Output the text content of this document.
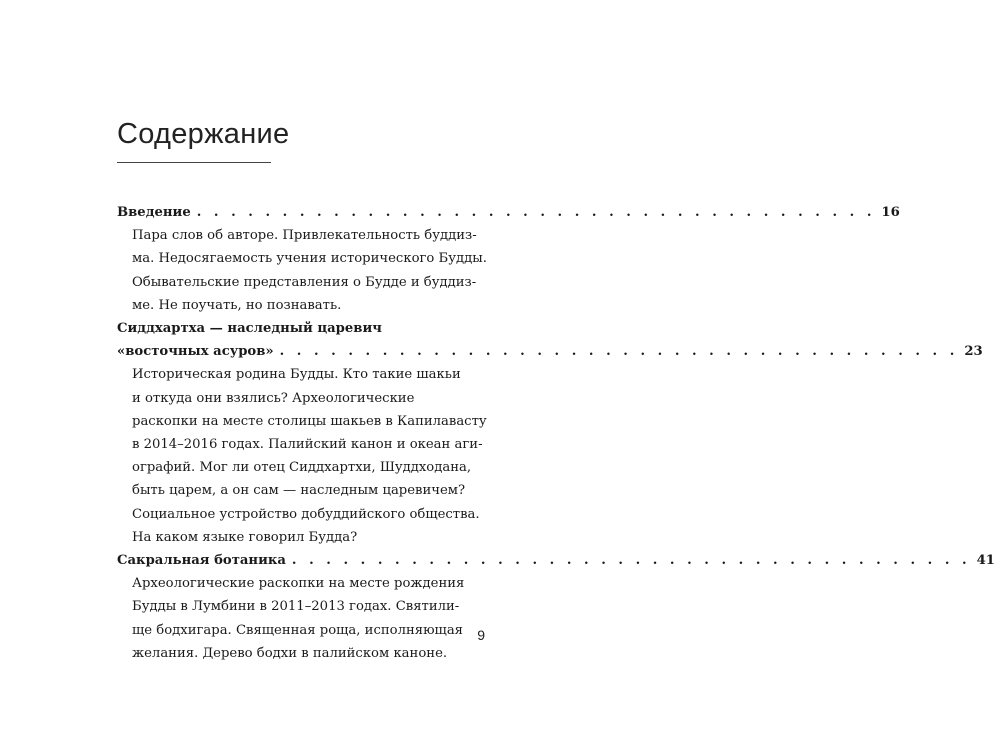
Содержание
Введение . . . . . . . . . . . . . . . . . . . . . . . . . . . . . . . . . . . . . . . . 16
Пара слов об авторе. Привлекательность буддиз-
ма. Недосягаемость учения исторического Будды.
Обывательские представления о Будде и буддиз-
ме. Не поучать, но познавать.
Сиддхартха — наследный царевич
«восточных асуров» . . . . . . . . . . . . . . . . . . . . . . . . . . . . . . . . . . . . . . . . 23
Историческая родина Будды. Кто такие шакьи
и откуда они взялись? Археологические
раскопки на месте столицы шакьев в Капилавасту
в 2014–2016 годах. Палийский канон и океан аги-
ографий. Мог ли отец Сиддхартхи, Шуддходана,
быть царем, а он сам — наследным царевичем?
Социальное устройство добуддийского общества.
На каком языке говорил Будда?
Сакральная ботаника . . . . . . . . . . . . . . . . . . . . . . . . . . . . . . . . . . . . . . . . 41
Археологические раскопки на месте рождения
Будды в Лумбини в 2011–2013 годах. Святили-
ще бодхигара. Священная роща, исполняющая
желания. Дерево бодхи в палийском каноне.
9
